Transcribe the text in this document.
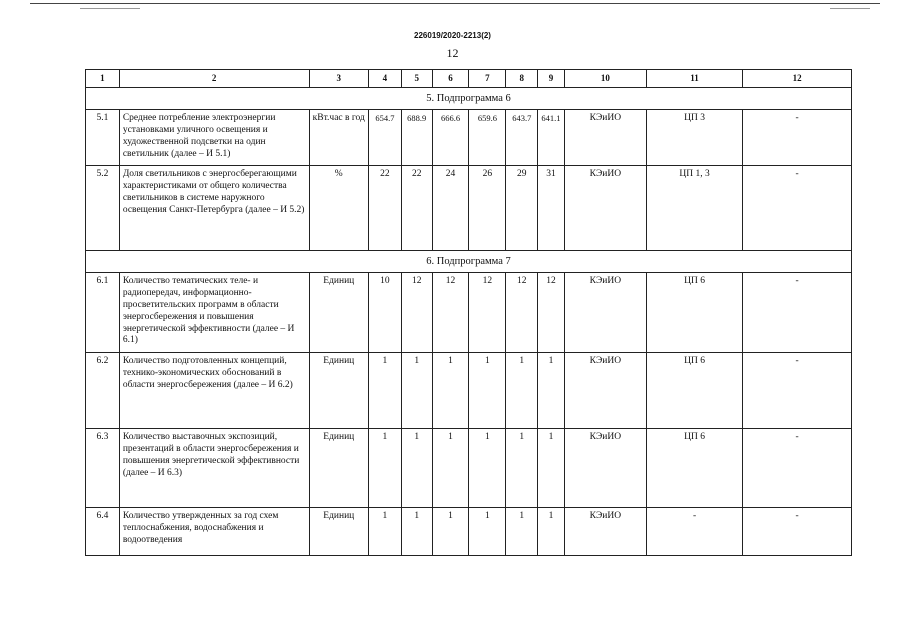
226019/2020-2213(2)
12
1	2	3	4	5	6	7	8	9	10	11	12
5. Подпрограмма 6											
5.1	Среднее потребление электроэнергии установками уличного освещения и художественной подсветки на один светильник (далее – И 5.1)	кВт.час в год	654.7	688.9	666.6	659.6	643.7	641.1	КЭиИО	ЦП 3	-
5.2	Доля светильников с энергосберегающими характеристиками от общего количества светильников в системе наружного освещения Санкт-Петербурга (далее – И 5.2)	%	22	22	24	26	29	31	КЭиИО	ЦП 1, 3	-
6. Подпрограмма 7											
6.1	Количество тематических теле- и радиопередач, информационно-просветительских программ в области энергосбережения и повышения энергетической эффективности (далее – И 6.1)	Единиц	10	12	12	12	12	12	КЭиИО	ЦП 6	-
6.2	Количество подготовленных концепций, технико-экономических обоснований в области энергосбережения (далее – И 6.2)	Единиц	1	1	1	1	1	1	КЭиИО	ЦП 6	-
6.3	Количество выставочных экспозиций, презентаций в области энергосбережения и повышения энергетической эффективности (далее – И 6.3)	Единиц	1	1	1	1	1	1	КЭиИО	ЦП 6	-
6.4	Количество утвержденных за год схем теплоснабжения, водоснабжения и водоотведения	Единиц	1	1	1	1	1	1	КЭиИО	-	-
